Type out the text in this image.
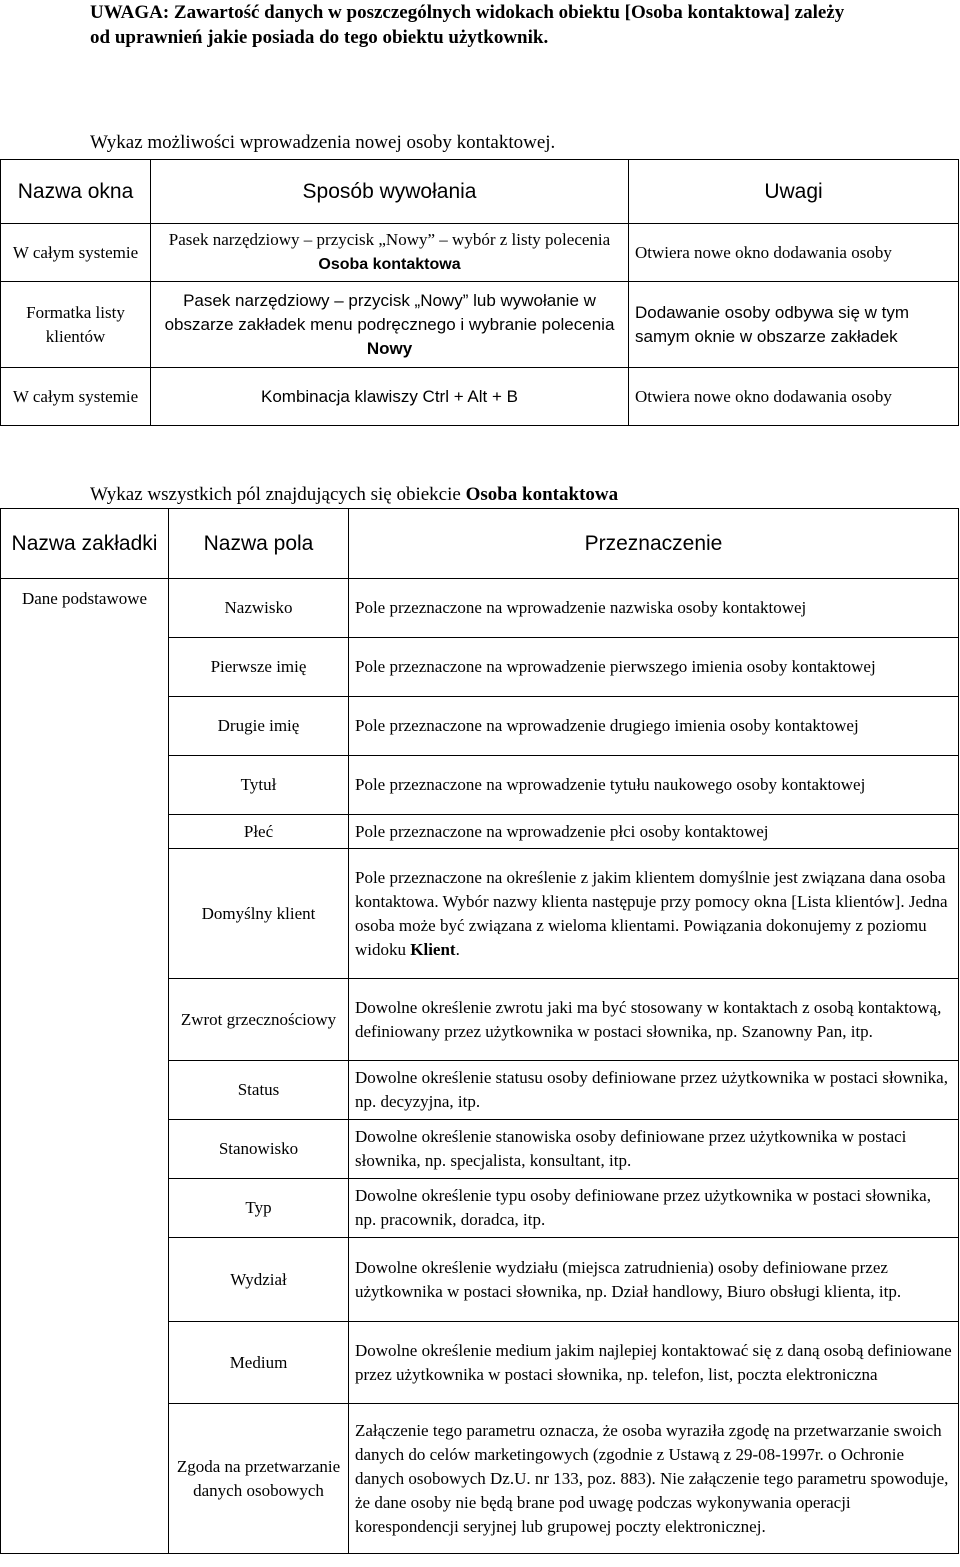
UWAGA: Zawartość danych w poszczególnych widokach obiektu [Osoba kontaktowa] zależy od uprawnień jakie posiada do tego obiektu użytkownik.
Wykaz możliwości wprowadzenia nowej osoby kontaktowej.
Nazwa okna	Sposób wywołania	Uwagi
W całym systemie	Pasek narzędziowy – przycisk „Nowy” – wybór z listy polecenia Osoba kontaktowa	Otwiera nowe okno dodawania osoby
Formatka listy klientów	Pasek narzędziowy – przycisk „Nowy” lub wywołanie w obszarze zakładek menu podręcznego i wybranie polecenia Nowy	Dodawanie osoby odbywa się w tym samym oknie w obszarze zakładek
W całym systemie	Kombinacja klawiszy Ctrl + Alt + B	Otwiera nowe okno dodawania osoby
Wykaz wszystkich pól znajdujących się obiekcie Osoba kontaktowa
Nazwa zakładki	Nazwa pola	Przeznaczenie
Dane podstawowe	Nazwisko	Pole przeznaczone na wprowadzenie nazwiska osoby kontaktowej
	Pierwsze imię	Pole przeznaczone na wprowadzenie pierwszego imienia osoby kontaktowej
	Drugie imię	Pole przeznaczone na wprowadzenie drugiego imienia osoby kontaktowej
	Tytuł	Pole przeznaczone na wprowadzenie tytułu naukowego osoby kontaktowej
	Płeć	Pole przeznaczone na wprowadzenie płci osoby kontaktowej
	Domyślny klient	Pole przeznaczone na określenie z jakim klientem domyślnie jest związana dana osoba kontaktowa. Wybór nazwy klienta następuje przy pomocy okna [Lista klientów]. Jedna osoba może być związana z wieloma klientami. Powiązania dokonujemy z poziomu widoku Klient.
	Zwrot grzecznościowy	Dowolne określenie zwrotu jaki ma być stosowany w kontaktach z osobą kontaktową, definiowany przez użytkownika w postaci słownika, np. Szanowny Pan, itp.
	Status	Dowolne określenie statusu osoby definiowane przez użytkownika w postaci słownika, np. decyzyjna, itp.
	Stanowisko	Dowolne określenie stanowiska osoby definiowane przez użytkownika w postaci słownika, np. specjalista, konsultant, itp.
	Typ	Dowolne określenie typu osoby definiowane przez użytkownika w postaci słownika, np. pracownik, doradca, itp.
	Wydział	Dowolne określenie wydziału (miejsca zatrudnienia) osoby definiowane przez użytkownika w postaci słownika, np. Dział handlowy, Biuro obsługi klienta, itp.
	Medium	Dowolne określenie medium jakim najlepiej kontaktować się z daną osobą definiowane przez użytkownika w postaci słownika, np. telefon, list, poczta elektroniczna
	Zgoda na przetwarzanie danych osobowych	Załączenie tego parametru oznacza, że osoba wyraziła zgodę na przetwarzanie swoich danych do celów marketingowych (zgodnie z Ustawą z 29-08-1997r. o Ochronie danych osobowych Dz.U. nr 133, poz. 883). Nie załączenie tego parametru spowoduje, że dane osoby nie będą brane pod uwagę podczas wykonywania operacji korespondencji seryjnej lub grupowej poczty elektronicznej.
